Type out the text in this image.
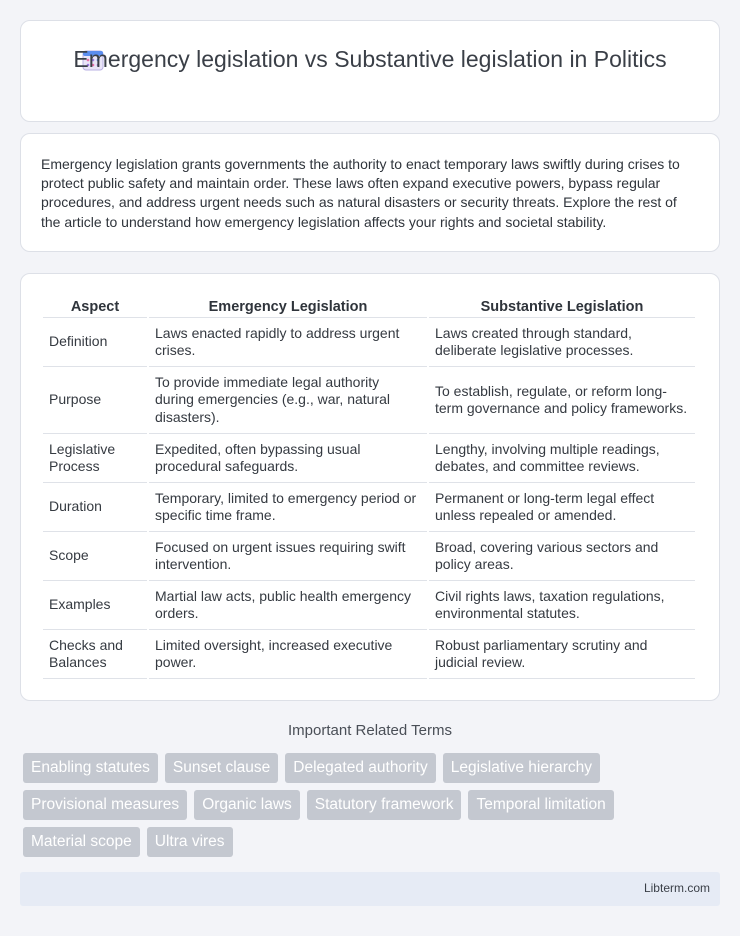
Emergency legislation vs Substantive legislation in Politics

Emergency legislation grants governments the authority to enact temporary laws swiftly during crises to protect public safety and maintain order. These laws often expand executive powers, bypass regular procedures, and address urgent needs such as natural disasters or security threats. Explore the rest of the article to understand how emergency legislation affects your rights and societal stability.

Aspect	Emergency Legislation	Substantive Legislation
Definition	Laws enacted rapidly to address urgent crises.	Laws created through standard, deliberate legislative processes.
Purpose	To provide immediate legal authority during emergencies (e.g., war, natural disasters).	To establish, regulate, or reform long-term governance and policy frameworks.
Legislative Process	Expedited, often bypassing usual procedural safeguards.	Lengthy, involving multiple readings, debates, and committee reviews.
Duration	Temporary, limited to emergency period or specific time frame.	Permanent or long-term legal effect unless repealed or amended.
Scope	Focused on urgent issues requiring swift intervention.	Broad, covering various sectors and policy areas.
Examples	Martial law acts, public health emergency orders.	Civil rights laws, taxation regulations, environmental statutes.
Checks and Balances	Limited oversight, increased executive power.	Robust parliamentary scrutiny and judicial review.
Important Related Terms
Enabling statutes	Sunset clause	Delegated authority	Legislative hierarchy
Provisional measures	Organic laws	Statutory framework	Temporal limitation
Material scope	Ultra vires
Libterm.com
